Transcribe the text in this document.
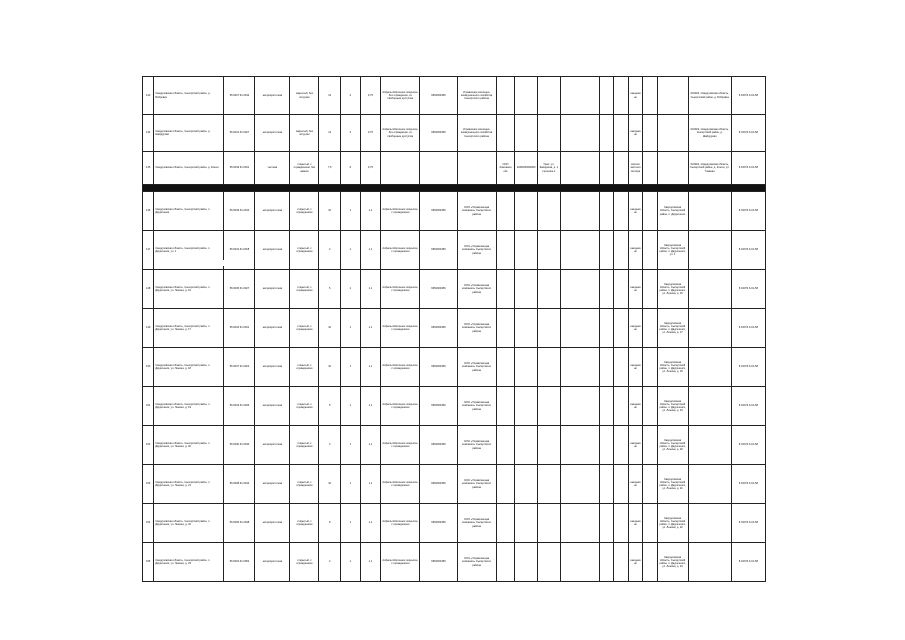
143	Свердловская область, Сысертский район, д. Бобровка	56.6007 61.0042	неприоритетная	закрытый, без погрузки	12	2	0,75	Асфальтобетонное покрытие, без ограждения, со свободным доступом	6652003456	Управление жилищно-коммунального хозяйства Сысертского района							ежедневно			624022, Свердловская область, Сысертский район, д. Бобровка	8 34374 6-01-58
144	Свердловская область, Сысертский район, д. Шайдурово	56.6041 61.0027	неприоритетная	закрытый, без погрузки	12	2	0,75	Асфальтобетонное покрытие, без ограждения, со свободным доступом	6652003456	Управление жилищно-коммунального хозяйства Сысертского района							ежедневно			624022, Свердловская область, Сысертский район, д. Шайдурово	8 34374 6-01-58
145	Свердловская область, Сысертский район, д. Ключи	56.6049 61.0031	частная	открытый, с ограждением, без навеса	7,5	6	0,75				ООО Компания «Р»	1026600000000	Урал. ул. Заводская, д. 1 строение 1				жители частного сектора			624022, Свердловская область, Сысертский район, д. Ключи, ул. Главная	8 34374 6-01-58

146	Свердловская область, Сысертский район, п. Двуреченск	56.6049 61.0042	неприоритетная	открытый, с ограждением	10	1	1,1	Асфальтобетонное покрытие, с ограждением	6652003456	ООО «Управляющая компания» Сысертского района							ежедневно		Свердловская область, Сысертский район, п. Двуреченск		8 34374 6-01-58
147	Свердловская область, Сысертский район, п. Двуреченск, ул. 1	56.6042 61.0018	неприоритетная	открытый, с ограждением	4	1	1,1	Асфальтобетонное покрытие, с ограждением	6652003456	ООО «Управляющая компания» Сысертского района							ежедневно		Свердловская область, Сысертский район, п. Двуреченск, ул. 1		8 34374 6-01-58
148	Свердловская область, Сысертский район, п. Двуреченск, ул. Ленина, д. 16	56.6045 61.0027	неприоритетная	открытый, с ограждением	5	1	1,1	Асфальтобетонное покрытие, с ограждением	6652003456	ООО «Управляющая компания» Сысертского района							ежедневно		Свердловская область, Сысертский район, п. Двуреченск, ул. Ленина, д. 16		8 34374 6-01-58
149	Свердловская область, Сысертский район, п. Двуреченск, ул. Ленина, д. 17	56.6044 61.0031	неприоритетная	открытый, с ограждением	10	1	1,1	Асфальтобетонное покрытие, с ограждением	6652003456	ООО «Управляющая компания» Сысертского района							ежедневно		Свердловская область, Сысертский район, п. Двуреченск, ул. Ленина, д. 17		8 34374 6-01-58
150	Свердловская область, Сысертский район, п. Двуреченск, ул. Ленина, д. 18	56.6047 61.0022	неприоритетная	открытый, с ограждением	10	1	1,1	Асфальтобетонное покрытие, с ограждением	6652003456	ООО «Управляющая компания» Сысертского района							ежедневно		Свердловская область, Сысертский район, п. Двуреченск, ул. Ленина, д. 18		8 34374 6-01-58
151	Свердловская область, Сысертский район, п. Двуреченск, ул. Ленина, д. 19	56.6043 61.0036	неприоритетная	открытый, с ограждением	5	1	1,1	Асфальтобетонное покрытие, с ограждением	6652003456	ООО «Управляющая компания» Сысертского района							ежедневно		Свердловская область, Сысертский район, п. Двуреченск, ул. Ленина, д. 19		8 34374 6-01-58
152	Свердловская область, Сысертский район, п. Двуреченск, ул. Ленина, д. 20	56.6040 61.0040	неприоритетная	открытый, с ограждением	4	1	1,1	Асфальтобетонное покрытие, с ограждением	6652003456	ООО «Управляющая компания» Сысертского района							ежедневно		Свердловская область, Сысертский район, п. Двуреченск, ул. Ленина, д. 20		8 34374 6-01-58
153	Свердловская область, Сысертский район, п. Двуреченск, ул. Ленина, д. 21	56.6038 61.0044	неприоритетная	открытый, с ограждением	10	1	1,1	Асфальтобетонное покрытие, с ограждением	6652003456	ООО «Управляющая компания» Сысертского района							ежедневно		Свердловская область, Сысертский район, п. Двуреченск, ул. Ленина, д. 21		8 34374 6-01-58
154	Свердловская область, Сысертский район, п. Двуреченск, ул. Ленина, д. 22	56.6036 61.0048	неприоритетная	открытый, с ограждением	8	1	1,1	Асфальтобетонное покрытие, с ограждением	6652003456	ООО «Управляющая компания» Сысертского района							ежедневно		Свердловская область, Сысертский район, п. Двуреченск, ул. Ленина, д. 22		8 34374 6-01-58
155	Свердловская область, Сысертский район, п. Двуреченск, ул. Ленина, д. 23	56.6034 61.0052	неприоритетная	открытый, с ограждением	4	1	1,1	Асфальтобетонное покрытие, с ограждением	6652003456	ООО «Управляющая компания» Сысертского района							ежедневно		Свердловская область, Сысертский район, п. Двуреченск, ул. Ленина, д. 23		8 34374 6-01-58
